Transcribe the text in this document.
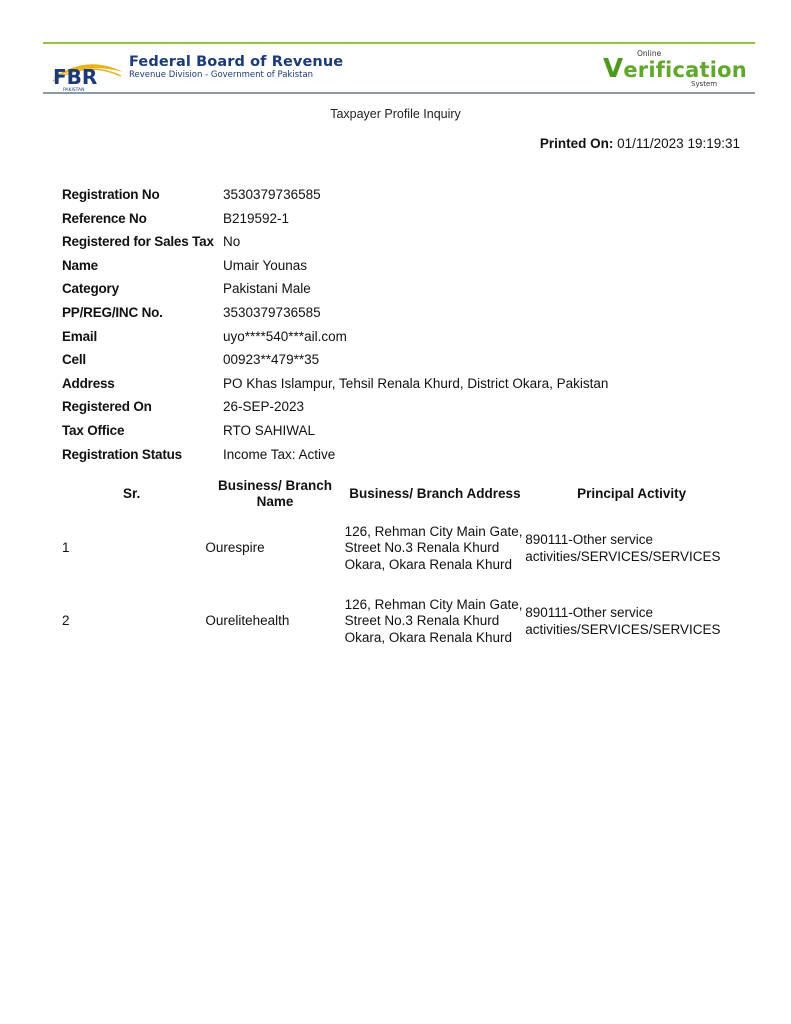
FBR
PAKISTAN
Federal Board of Revenue
Revenue Division - Government of Pakistan
Online
Verification
System
Taxpayer Profile Inquiry
Printed On: 01/11/2023 19:19:31
Registration No	3530379736585
Reference No	B219592-1
Registered for Sales Tax No
Name	Umair Younas
Category	Pakistani Male
PP/REG/INC No.	3530379736585
Email	uyo****540***ail.com
Cell	00923**479**35
Address	PO Khas Islampur, Tehsil Renala Khurd, District Okara, Pakistan
Registered On	26-SEP-2023
Tax Office	RTO SAHIWAL
Registration Status	Income Tax: Active
Sr.	Business/ Branch Name	Business/ Branch Address	Principal Activity
1	Ourespire	126, Rehman City Main Gate, Street No.3 Renala Khurd Okara, Okara Renala Khurd	890111-Other service activities/SERVICES/SERVICES
2	Ourelitehealth	126, Rehman City Main Gate, Street No.3 Renala Khurd Okara, Okara Renala Khurd	890111-Other service activities/SERVICES/SERVICES
